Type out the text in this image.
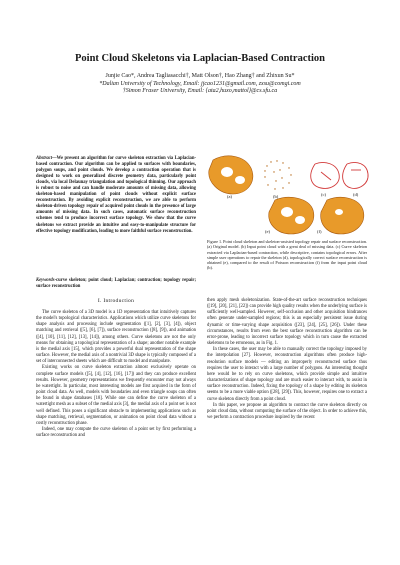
Point Cloud Skeletons via Laplacian-Based Contraction
Junjie Cao*, Andrea Tagliasacchi†, Matt Olson†, Hao Zhang† and Zhixun Su*
*Dalian University of Technology, Email: jjcao1231@gmail.com, zxsu@comgi.com
†Simon Fraser University, Email: {ata2,huxo,mattol}@cs.sfu.ca
Abstract—We present an algorithm for curve skeleton extraction via Laplacian-based contraction. Our algorithm can be applied to surfaces with boundaries, polygon soups, and point clouds. We develop a contraction operation that is designed to work on generalized discrete geometry data, particularly point clouds, via local Delaunay triangulation and topological thinning. Our approach is robust to noise and can handle moderate amounts of missing data, allowing skeleton-based manipulation of point clouds without explicit surface reconstruction. By avoiding explicit reconstruction, we are able to perform skeleton-driven topology repair of acquired point clouds in the presence of large amounts of missing data. In such cases, automatic surface reconstruction schemes tend to produce incorrect surface topology. We show that the curve skeletons we extract provide an intuitive and easy-to-manipulate structure for effective topology modification, leading to more faithful surface reconstruction.
Keywords-curve skeleton; point cloud; Laplacian; contraction; topology repair; surface reconstruction
I. Introduction

The curve skeleton of a 3D model is a 1D representation that intuitively captures the model's topological characteristics. Applications which utilize curve skeletons for shape analysis and processing include segmentation ([1], [2], [3], [4]), object matching and retrieval ([5], [6], [7]), surface reconstruction ([8], [9]), and animation ([4], [10], [11], [12], [13], [14]), among others. Curve skeletons are not the only means for obtaining a topological representation of a shape; another notable example is the medial axis [15], which provides a powerful dual representation of the shape surface. However, the medial axis of a nontrivial 3D shape is typically composed of a set of interconnected sheets which are difficult to model and manipulate.

Existing works on curve skeleton extraction almost exclusively operate on complete surface models ([5], [4], [12], [16], [17]) and they can produce excellent results. However, geometry representations we frequently encounter may not always be watertight. In particular, most interesting models are first acquired in the form of point cloud data. As well, models with boundaries and even triangle soups can often be found in shape databases [18]. While one can define the curve skeleton of a watertight mesh as a subset of the medial axis [3], the medial axis of a point set is not well defined. This poses a significant obstacle to implementing applications such as shape matching, retrieval, segmentation, or animation on point cloud data without a costly reconstruction phase.

Indeed, one may compute the curve skeleton of a point set by first performing a surface reconstruction and

(a)	(b)	(c)	(d)
(e)	(f)
Figure 1. Point cloud skeleton and skeleton-assisted topology repair and surface reconstruction. (a) Original model. (b) Input point cloud with a great deal of missing data. (c) Curve skeleton extracted via Laplacian-based contraction, while descriptive, contains topological errors. After simple user operations to repair the skeleton (d), topologically correct surface reconstruction is obtained (e), compared to the result of Poisson reconstruction (f) from the input point cloud (b).

then apply mesh skeletonization. State-of-the-art surface reconstruction techniques ([19], [20], [21], [22]) can provide high quality results when the underlying surface is sufficiently well-sampled. However, self-occlusion and other acquisition hindrances often generate under-sampled regions; this is an especially persistent issue during dynamic or time-varying shape acquisition ([23], [24], [25], [26]). Under these circumstances, results from even the best surface reconstruction algorithm can be error-prone, leading to incorrect surface topology which in turn cause the extracted skeletons to be erroneous, as in Fig. 1.

In these cases, the user may be able to manually correct the topology imposed by the interpolation [27]. However, reconstruction algorithms often produce high-resolution surface models — editing an improperly reconstructed surface thus requires the user to interact with a large number of polygons. An interesting thought here would be to rely on curve skeletons, which provide simple and intuitive characterizations of shape topology and are much easier to interact with, to assist in surface reconstruction. Indeed, fixing the topology of a shape by editing its skeleton seems to be a more viable option ([28], [29]). This, however, requires one to extract a curve skeleton directly from a point cloud.

In this paper, we propose an algorithm to contract the curve skeleton directly on point cloud data, without computing the surface of the object. In order to achieve this, we perform a contraction procedure inspired by the recent
